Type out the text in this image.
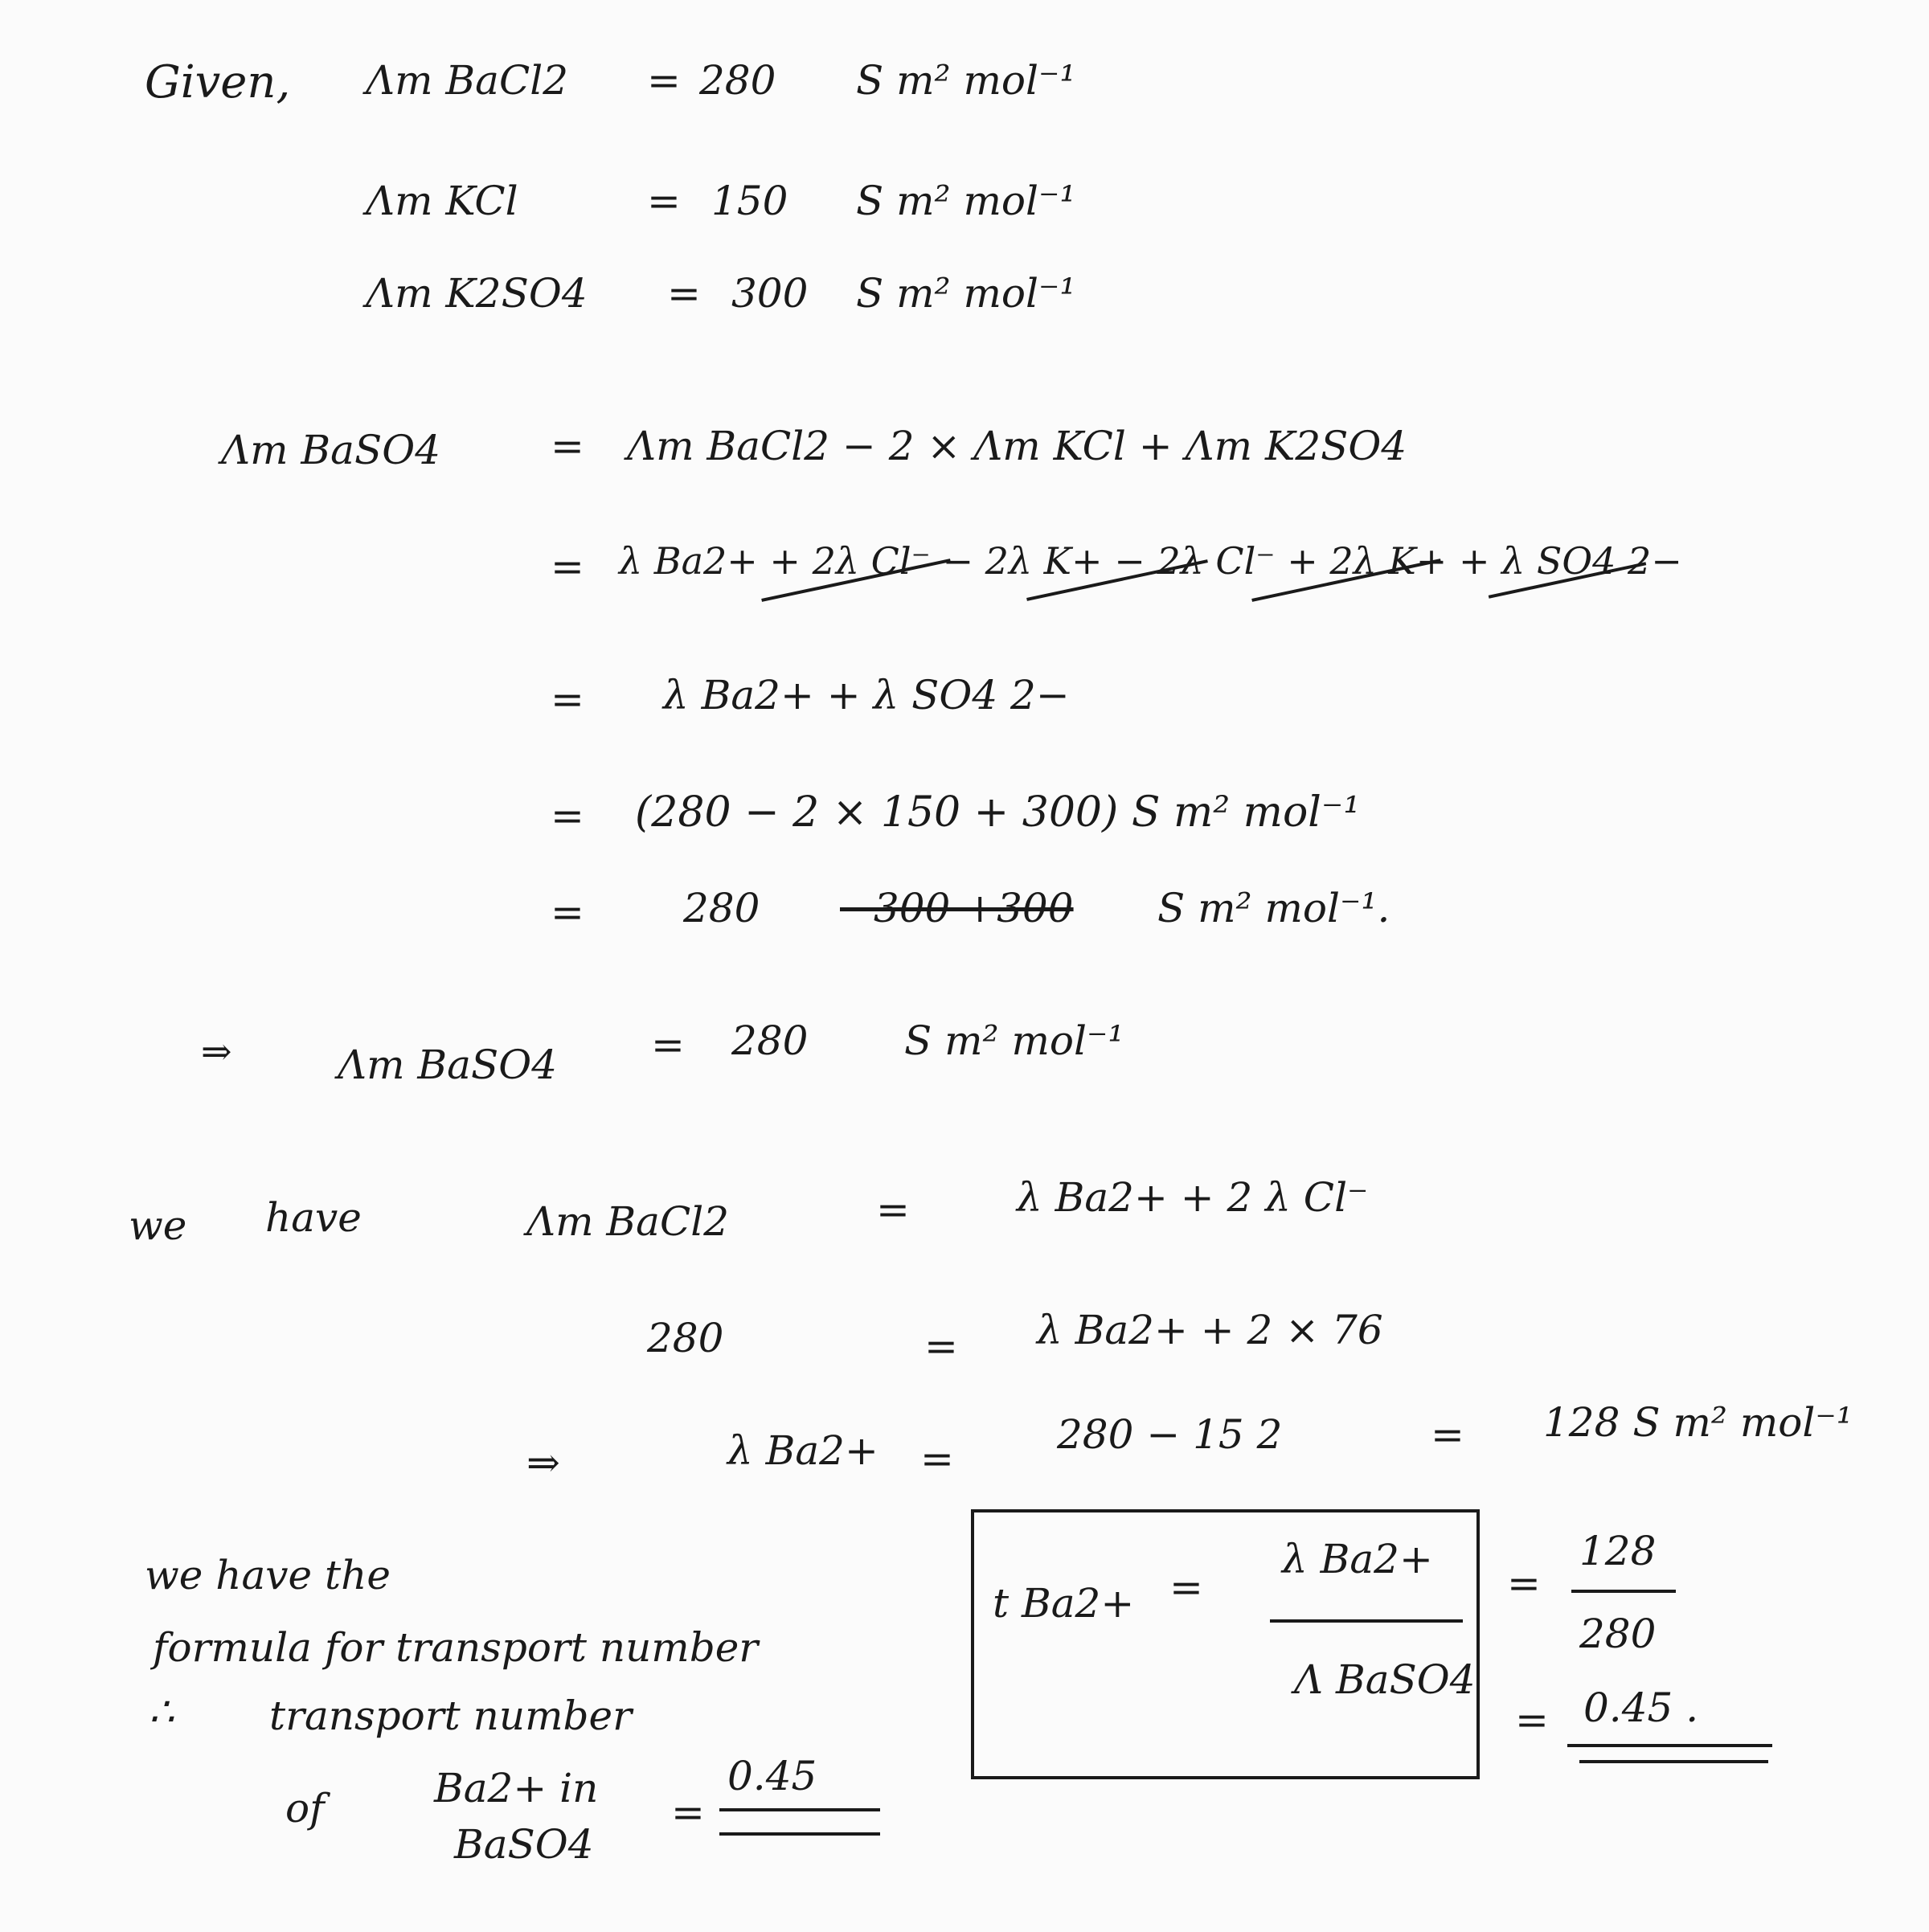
Given, Λm BaCl2 = 280 S m² mol⁻¹
Λm KCl	= 150 S m² mol⁻¹
Λm K2SO4 = 300 S m² mol⁻¹
Λm BaSO4	= Λm BaCl2 − 2 × Λm KCl + Λm K2SO4
= λ Ba2+ + 2λ Cl⁻ − 2λ K+ − 2λ Cl⁻ + 2λ K+ + λ SO4 2−
= λ Ba2+ + λ SO4 2−
= (280 − 2 × 150 + 300) S m² mol⁻¹
= 280 −300 +300 S m² mol⁻¹.
⇒	Λm BaSO4 = 280 S m² mol⁻¹
we have	Λm BaCl2	=	λ Ba2+ + 2 λ Cl⁻
280	= λ Ba2+ + 2 × 76
⇒	λ Ba2+ =
280 − 15 2	= 128 S m² mol⁻¹
we have the
formula for transport number
t Ba2+ =
λ Ba2+
Λ BaSO4
=
128
280
= 0.45 .
∴ transport number
of	Ba2+ in
BaSO4
=
0.45
